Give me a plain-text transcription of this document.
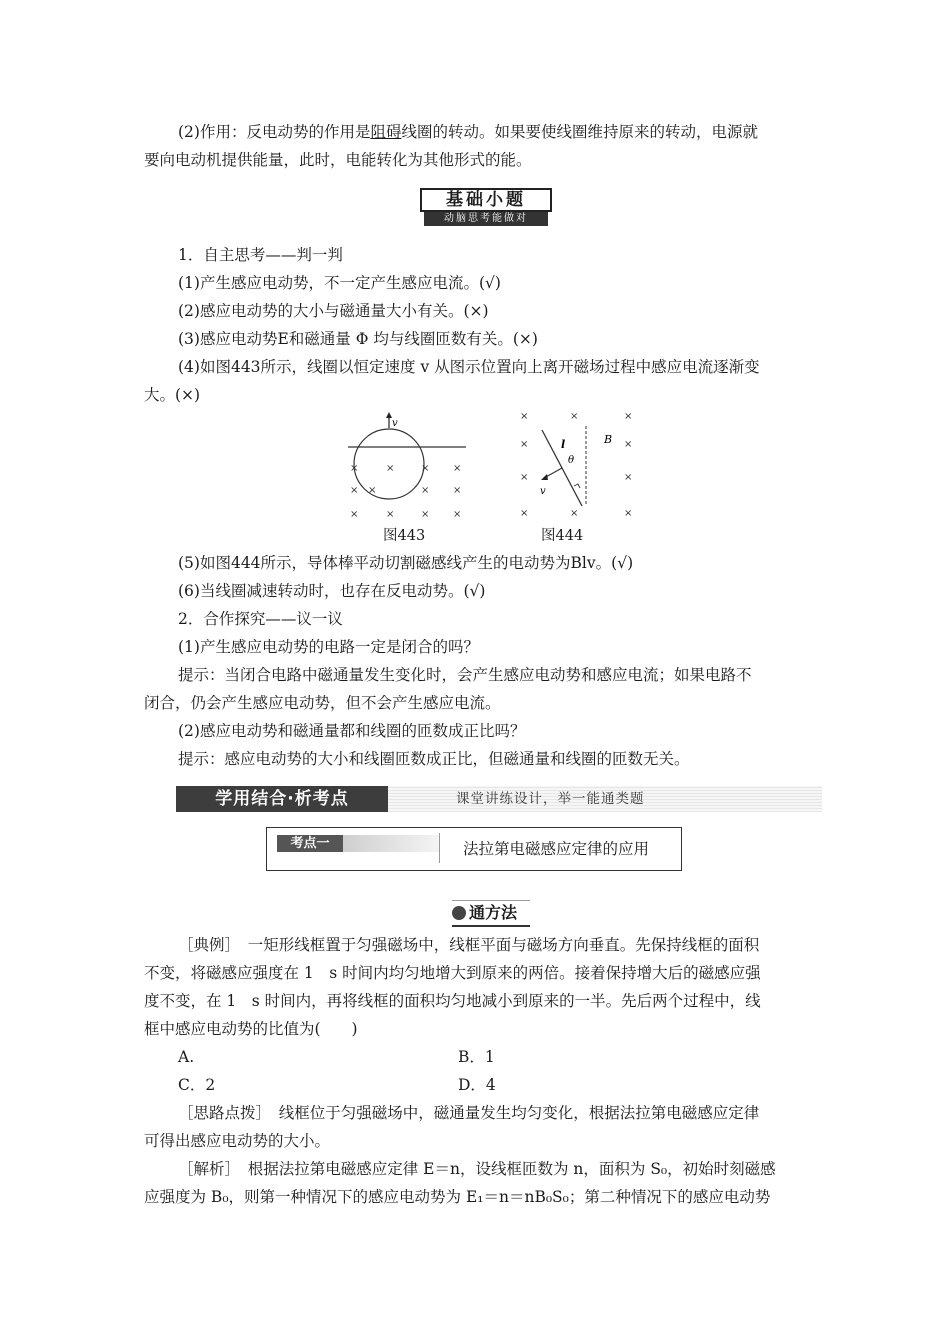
(2)作用：反电动势的作用是阻碍线圈的转动。如果要使线圈维持原来的转动，电源就
要向电动机提供能量，此时，电能转化为其他形式的能。
基础小题
动脑思考能做对
1．自主思考——判一判
(1)产生感应电动势，不一定产生感应电流。(√)
(2)感应电动势的大小与磁通量大小有关。(×)
(3)感应电动势E和磁通量 Φ 均与线圈匝数有关。(×)
(4)如图443所示，线圈以恒定速度 v 从图示位置向上离开磁场过程中感应电流逐渐变
大。(×)
v
×	×	× ×
× ×	× ×
×	×	× ×
图443
×	×	×
×	×
×	×
×	×	×
v
l
θ
B
图444
(5)如图444所示，导体棒平动切割磁感线产生的电动势为Blv。(√)
(6)当线圈减速转动时，也存在反电动势。(√)
2．合作探究——议一议
(1)产生感应电动势的电路一定是闭合的吗？
提示：当闭合电路中磁通量发生变化时，会产生感应电动势和感应电流；如果电路不
闭合，仍会产生感应电动势，但不会产生感应电流。
(2)感应电动势和磁通量都和线圈的匝数成正比吗？
提示：感应电动势的大小和线圈匝数成正比，但磁通量和线圈的匝数无关。
学用结合·析考点	课堂讲练设计，举一能通类题
考点一	法拉第电磁感应定律的应用
通方法
［典例］　一矩形线框置于匀强磁场中，线框平面与磁场方向垂直。先保持线框的面积
不变，将磁感应强度在 1　s 时间内均匀地增大到原来的两倍。接着保持增大后的磁感应强
度不变，在 1　s 时间内，再将线框的面积均匀地减小到原来的一半。先后两个过程中，线
框中感应电动势的比值为(　　)
A.	B．1
C．2	D．4
［思路点拨］　线框位于匀强磁场中，磁通量发生均匀变化，根据法拉第电磁感应定律
可得出感应电动势的大小。
［解析］　根据法拉第电磁感应定律 E＝n，设线框匝数为 n，面积为 S₀，初始时刻磁感
应强度为 B₀，则第一种情况下的感应电动势为 E₁＝n＝nB₀S₀；第二种情况下的感应电动势
